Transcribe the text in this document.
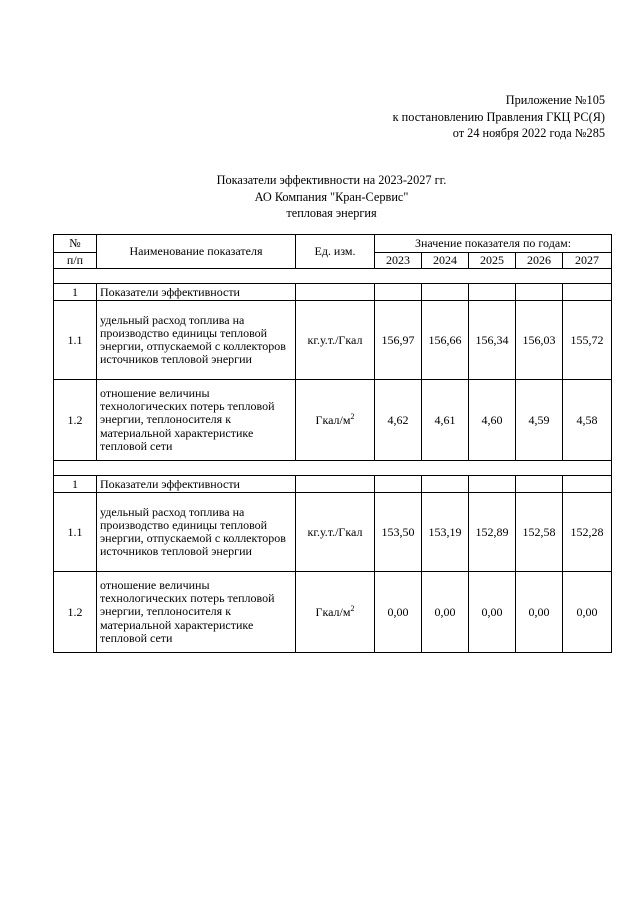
Приложение №105
к постановлению Правления ГКЦ РС(Я)
от 24 ноября 2022 года №285
Показатели эффективности на 2023-2027 гг.
АО Компания "Кран-Сервис"
тепловая энергия
№	Наименование показателя	Ед. изм.	Значение показателя по годам:				
п/п			2023	2024	2025	2026	2027

1	Показатели эффективности						
1.1	удельный расход топлива на производство единицы тепловой энергии, отпускаемой с коллекторов источников тепловой энергии	кг.у.т./Гкал	156,97	156,66	156,34	156,03	155,72
1.2	отношение величины технологических потерь тепловой энергии, теплоносителя к материальной характеристике тепловой сети	Гкал/$м^2$	4,62	4,61	4,60	4,59	4,58

1	Показатели эффективности						
1.1	удельный расход топлива на производство единицы тепловой энергии, отпускаемой с коллекторов источников тепловой энергии	кг.у.т./Гкал	153,50	153,19	152,89	152,58	152,28
1.2	отношение величины технологических потерь тепловой энергии, теплоносителя к материальной характеристике тепловой сети	Гкал/$м^2$	0,00	0,00	0,00	0,00	0,00
